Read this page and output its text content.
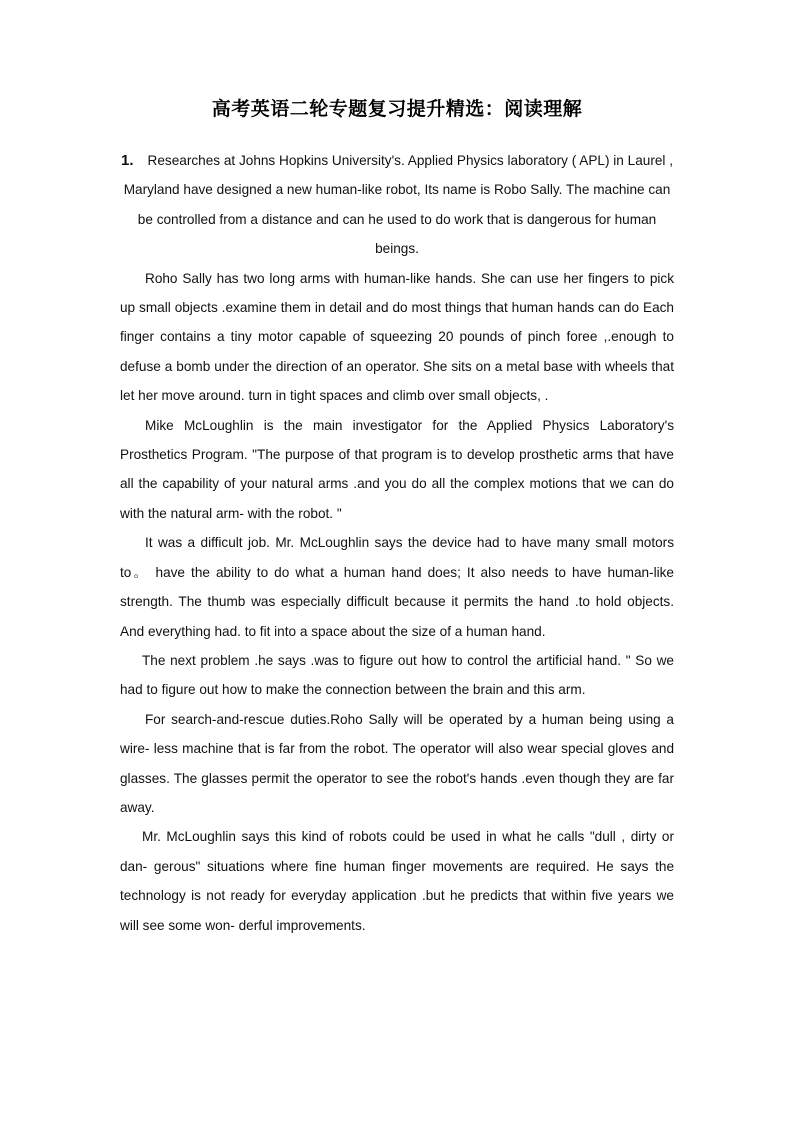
高考英语二轮专题复习提升精选：阅读理解

1. Researches at Johns Hopkins University's. Applied Physics laboratory ( APL) in Laurel , Maryland have designed a new human-like robot, Its name is Robo Sally. The machine can be controlled from a distance and can he used to do work that is dangerous for human beings.

Roho Sally has two long arms with human-like hands. She can use her fingers to pick up small objects .examine them in detail and do most things that human hands can do Each finger contains a tiny motor capable of squeezing 20 pounds of pinch foree ,.enough to defuse a bomb under the direction of an operator. She sits on a metal base with wheels that let her move around. turn in tight spaces and climb over small objects, .

Mike McLoughlin is the main investigator for the Applied Physics Laboratory's Prosthetics Program. "The purpose of that program is to develop prosthetic arms that have all the capability of your natural arms .and you do all the complex motions that we can do with the natural arm- with the robot. "

It was a difficult job. Mr. McLoughlin says the device had to have many small motors to。 have the ability to do what a human hand does; It also needs to have human-like strength. The thumb was especially difficult because it permits the hand .to hold objects. And everything had. to fit into a space about the size of a human hand.

The next problem .he says .was to figure out how to control the artificial hand. " So we had to figure out how to make the connection between the brain and this arm.

For search-and-rescue duties.Roho Sally will be operated by a human being using a wire- less machine that is far from the robot. The operator will also wear special gloves and glasses. The glasses permit the operator to see the robot's hands .even though they are far away.

Mr. McLoughlin says this kind of robots could be used in what he calls "dull , dirty or dan- gerous" situations where fine human finger movements are required. He says the technology is not ready for everyday application .but he predicts that within five years we will see some won- derful improvements.
